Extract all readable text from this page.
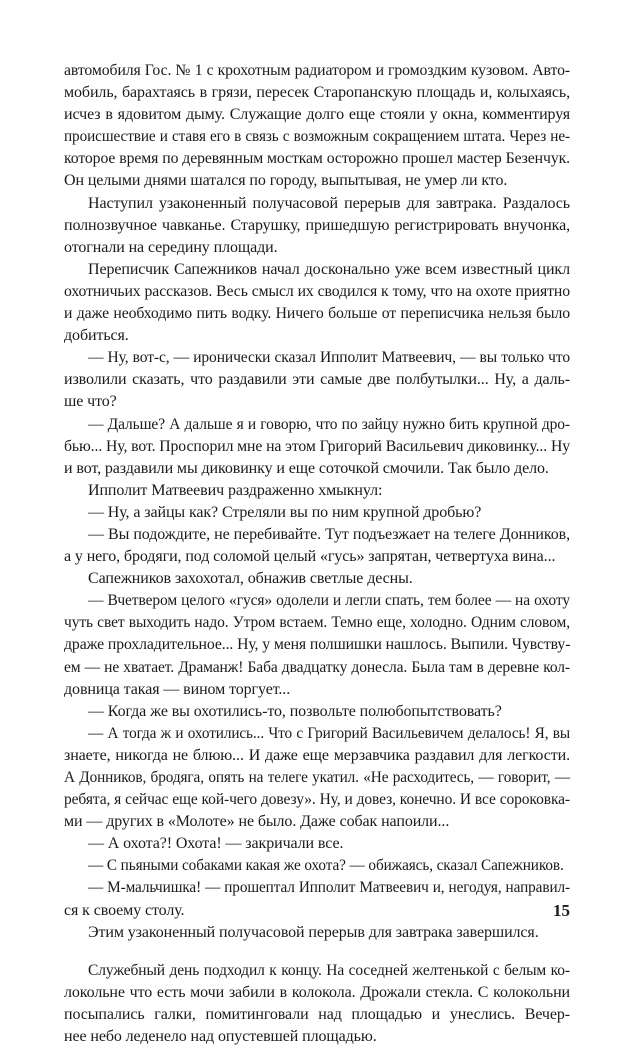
автомобиля Гос. № 1 с крохотным радиатором и громоздким кузовом. Авто-
мобиль, барахтаясь в грязи, пересек Старопанскую площадь и, колыхаясь,
исчез в ядовитом дыму. Служащие долго еще стояли у окна, комментируя
происшествие и ставя его в связь с возможным сокращением штата. Через не-
которое время по деревянным мосткам осторожно прошел мастер Безенчук.
Он целыми днями шатался по городу, выпытывая, не умер ли кто.
Наступил узаконенный получасовой перерыв для завтрака. Раздалось
полнозвучное чавканье. Старушку, пришедшую регистрировать внучонка,
отогнали на середину площади.
Переписчик Сапежников начал досконально уже всем известный цикл
охотничьих рассказов. Весь смысл их сводился к тому, что на охоте приятно
и даже необходимо пить водку. Ничего больше от переписчика нельзя было
добиться.
— Ну, вот-с, — иронически сказал Ипполит Матвеевич, — вы только что
изволили сказать, что раздавили эти самые две полбутылки... Ну, а даль-
ше что?
— Дальше? А дальше я и говорю, что по зайцу нужно бить крупной дро-
бью... Ну, вот. Проспорил мне на этом Григорий Васильевич диковинку... Ну
и вот, раздавили мы диковинку и еще соточкой смочили. Так было дело.
Ипполит Матвеевич раздраженно хмыкнул:
— Ну, а зайцы как? Стреляли вы по ним крупной дробью?
— Вы подождите, не перебивайте. Тут подъезжает на телеге Донников,
а у него, бродяги, под соломой целый «гусь» запрятан, четвертуха вина...
Сапежников захохотал, обнажив светлые десны.
— Вчетвером целого «гуся» одолели и легли спать, тем более — на охоту
чуть свет выходить надо. Утром встаем. Темно еще, холодно. Одним словом,
драже прохладительное... Ну, у меня полшишки нашлось. Выпили. Чувству-
ем — не хватает. Драманж! Баба двадцатку донесла. Была там в деревне кол-
довница такая — вином торгует...
— Когда же вы охотились-то, позвольте полюбопытствовать?
— А тогда ж и охотились... Что с Григорий Васильевичем делалось! Я, вы
знаете, никогда не блюю... И даже еще мерзавчика раздавил для легкости.
А Донников, бродяга, опять на телеге укатил. «Не расходитесь, — говорит, —
ребята, я сейчас еще кой-чего довезу». Ну, и довез, конечно. И все сороковка-
ми — других в «Молоте» не было. Даже собак напоили...
— А охота?! Охота! — закричали все.
— С пьяными собаками какая же охота? — обижаясь, сказал Сапежников.
— М-мальчишка! — прошептал Ипполит Матвеевич и, негодуя, направил-
ся к своему столу.
Этим узаконенный получасовой перерыв для завтрака завершился.
Служебный день подходил к концу. На соседней желтенькой с белым ко-
локольне что есть мочи забили в колокола. Дрожали стекла. С колокольни
посыпались галки, помитинговали над площадью и унеслись. Вечер-
нее небо леденело над опустевшей площадью.
15
